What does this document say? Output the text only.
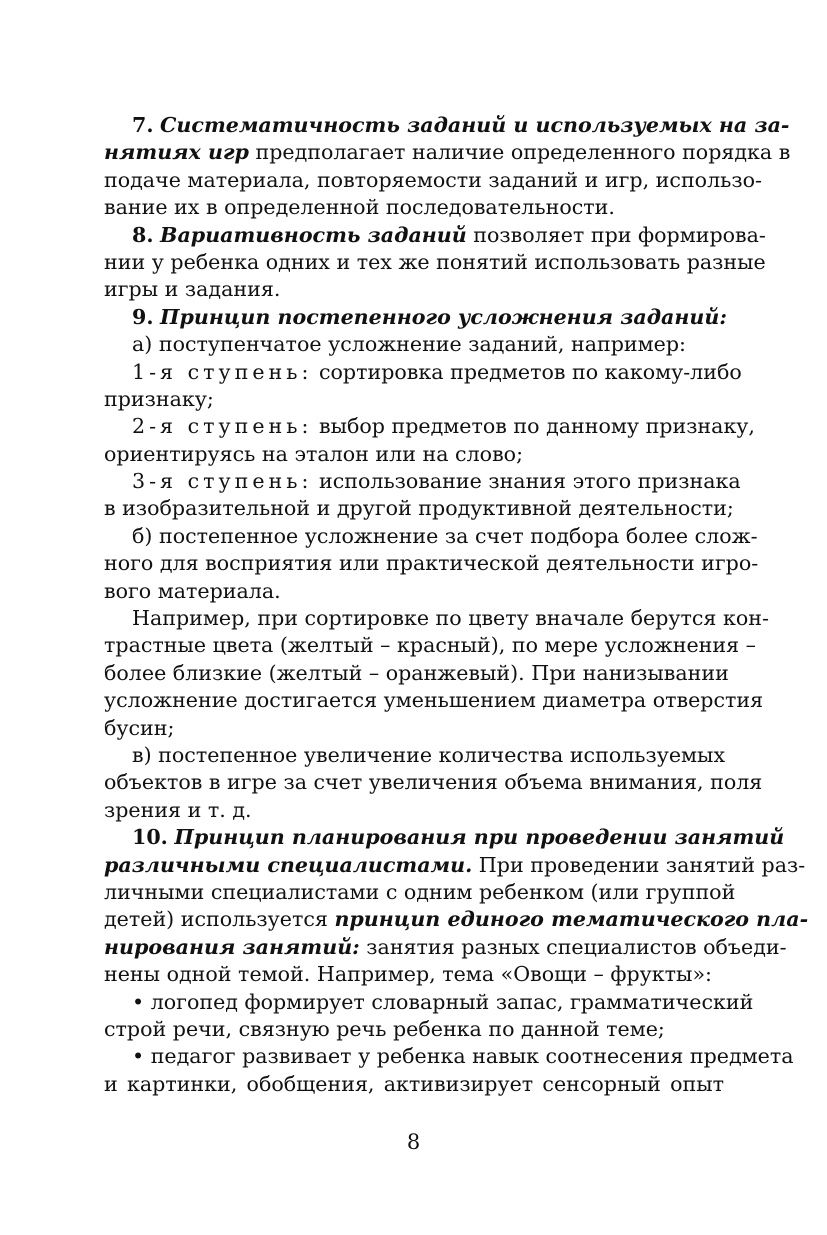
7. Систематичность заданий и используемых на за-
нятиях игр предполагает наличие определенного порядка в
подаче материала, повторяемости заданий и игр, использо-
вание их в определенной последовательности.
8. Вариативность заданий позволяет при формирова-
нии у ребенка одних и тех же понятий использовать разные
игры и задания.
9. Принцип постепенного усложнения заданий:
а) поступенчатое усложнение заданий, например:
1-я ступень: сортировка предметов по какому-либо
признаку;
2-я ступень: выбор предметов по данному признаку,
ориентируясь на эталон или на слово;
3-я ступень: использование знания этого признака
в изобразительной и другой продуктивной деятельности;
б) постепенное усложнение за счет подбора более слож-
ного для восприятия или практической деятельности игро-
вого материала.
Например, при сортировке по цвету вначале берутся кон-
трастные цвета (желтый – красный), по мере усложнения –
более близкие (желтый – оранжевый). При нанизывании
усложнение достигается уменьшением диаметра отверстия
бусин;
в) постепенное увеличение количества используемых
объектов в игре за счет увеличения объема внимания, поля
зрения и т. д.
10. Принцип планирования при проведении занятий
различными специалистами. При проведении занятий раз-
личными специалистами с одним ребенком (или группой
детей) используется принцип единого тематического пла-
нирования занятий: занятия разных специалистов объеди-
нены одной темой. Например, тема «Овощи – фрукты»:
• логопед формирует словарный запас, грамматический
строй речи, связную речь ребенка по данной теме;
• педагог развивает у ребенка навык соотнесения предмета
и картинки, обобщения, активизирует сенсорный опыт
8
